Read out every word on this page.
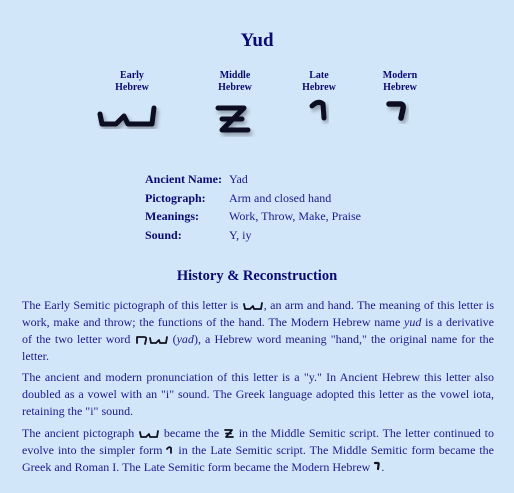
Yud
Early
Hebrew
Middle
Hebrew
Late
Hebrew
Modern
Hebrew
Ancient Name: Yad
Pictograph:	Arm and closed hand
Meanings:	Work, Throw, Make, Praise
Sound:	Y, iy
History & Reconstruction
The Early Semitic pictograph of this letter is , an arm and hand. The meaning of this letter is work, make and throw; the functions of the hand. The Modern Hebrew name yud is a derivative of the two letter word	(yad), a Hebrew word meaning "hand," the original name for the letter.
The ancient and modern pronunciation of this letter is a "y." In Ancient Hebrew this letter also doubled as a vowel with an "i" sound. The Greek language adopted this letter as the vowel iota, retaining the "i" sound.
The ancient pictograph became the in the Middle Semitic script. The letter continued to evolve into the simpler form in the Late Semitic script. The Middle Semitic form became the Greek and Roman I. The Late Semitic form became the Modern Hebrew .
